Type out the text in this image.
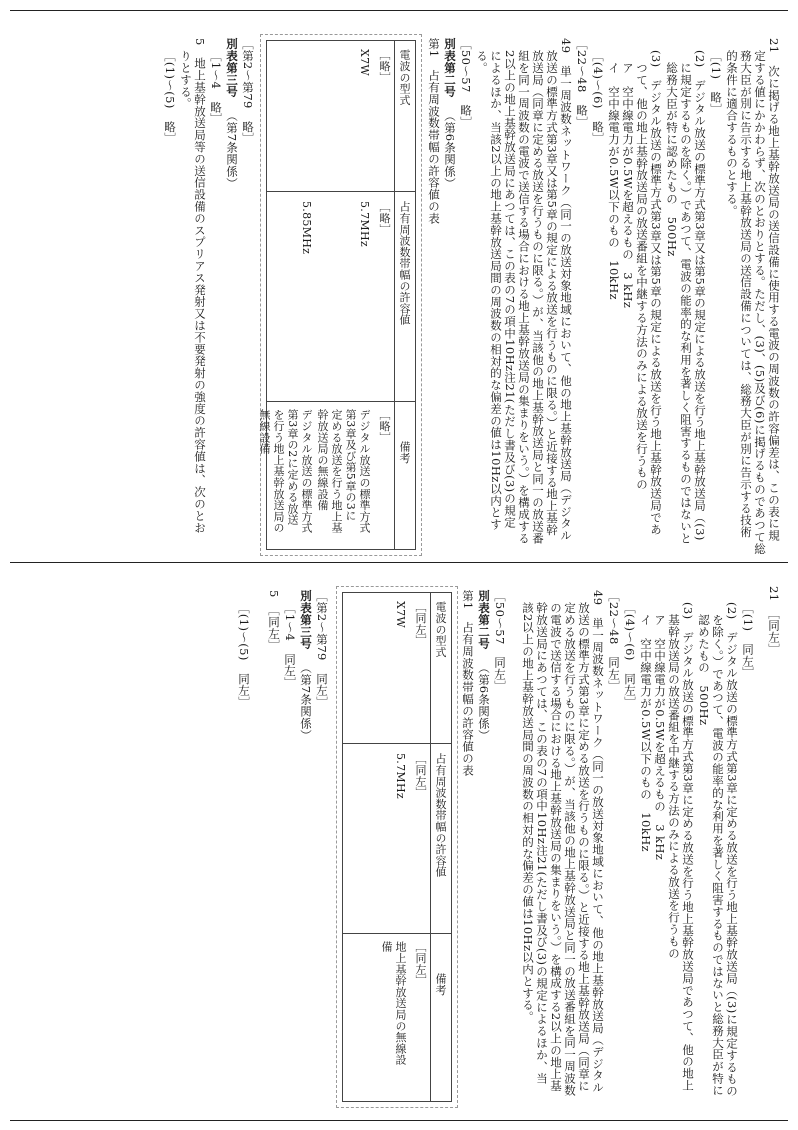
21　次に掲げる地上基幹放送局の送信設備に使用する電波の周波数の許容偏差は、この表に規
定する値にかかわらず、次のとおりとする。ただし、(3)、(5)及び(6)に掲げるものであつて総
務大臣が別に告示する地上基幹放送局の送信設備については、総務大臣が別に告示する技術
的条件に適合するものとする。
［(1)　略］
(2)　デジタル放送の標準方式第3章又は第5章の規定による放送を行う地上基幹放送局（(3)
に規定するものを除く。）であつて、電波の能率的な利用を著しく阻害するものではないと
総務大臣が特に認めたもの　500Hz
(3)　デジタル放送の標準方式第3章又は第5章の規定による放送を行う地上基幹放送局であ
つて、他の地上基幹放送局の放送番組を中継する方法のみによる放送を行うもの
ア　空中線電力が0.5Wを超えるもの　3 kHz
イ　空中線電力が0.5W以下のもの　10kHz
［(4)〜(6)　略］
［22〜48　略］
49　単一周波数ネットワーク（同一の放送対象地域において、他の地上基幹放送局（デジタル
放送の標準方式第3章又は第5章の規定による放送を行うものに限る。）と近接する地上基幹
放送局（同章に定める放送を行うものに限る。）が、当該他の地上基幹放送局と同一の放送番
組を同一周波数の電波で送信する場合における地上基幹放送局の集まりをいう。）を構成する
2以上の地上基幹放送局にあつては、この表の7の項中10Hz注21(ただし書及び(3)の規定
によるほか、当該2以上の地上基幹放送局間の周波数の相対的な偏差の値は10Hz以内とす
る。
［50〜57　略］
別表第二号
（第6条関係）
第1　占有周波数帯幅の許容値の表
電波の型式
占有周波数帯幅の許容値
備考
［略］
［略］
［略］
X7W
5.7MHz
デジタル放送の標準方式
第3章及び第5章の3に
定める放送を行う地上基
幹放送局の無線設備
5.85MHz
デジタル放送の標準方式
第3章の2に定める放送
を行う地上基幹放送局の
無線設備
［第2〜第79　略］
別表第三号
（第7条関係）
［1〜4　略］
5　地上基幹放送局等の送信設備のスプリアス発射又は不要発射の強度の許容値は、次のとお
りとする。
［(1)〜(5)　略］
21　［同左］
［(1)　同左］
(2)　デジタル放送の標準方式第3章に定める放送を行う地上基幹放送局（(3)に規定するもの
を除く。）であつて、電波の能率的な利用を著しく阻害するものではないと総務大臣が特に
認めたもの　500Hz
(3)　デジタル放送の標準方式第3章に定める放送を行う地上基幹放送局であつて、他の地上
基幹放送局の放送番組を中継する方法のみによる放送を行うもの
ア　空中線電力が0.5Wを超えるもの　3 kHz
イ　空中線電力が0.5W以下のもの　10kHz
［(4)〜(6)　同左］
［22〜48　同左］
49　単一周波数ネットワーク（同一の放送対象地域において、他の地上基幹放送局（デジタル
放送の標準方式第3章に定める放送を行うものに限る。）と近接する地上基幹放送局（同章に
定める放送を行うものに限る。）が、当該他の地上基幹放送局と同一の放送番組を同一周波数
の電波で送信する場合における地上基幹放送局の集まりをいう。）を構成する2以上の地上基
幹放送局にあつては、この表の7の項中10Hz注21(ただし書及び(3)の規定によるほか、当
該2以上の地上基幹放送局間の周波数の相対的な偏差の値は10Hz以内とする。
［50〜57　同左］
別表第二号
（第6条関係）
第1　占有周波数帯幅の許容値の表
電波の型式
占有周波数帯幅の許容値
備考
［同左］
［同左］
［同左］
X7W
5.7MHz
地上基幹放送局の無線設
備
［第2〜第79　同左］
別表第三号
（第7条関係）
［1〜4　同左］
5　［同左］
［(1)〜(5)　同左］
